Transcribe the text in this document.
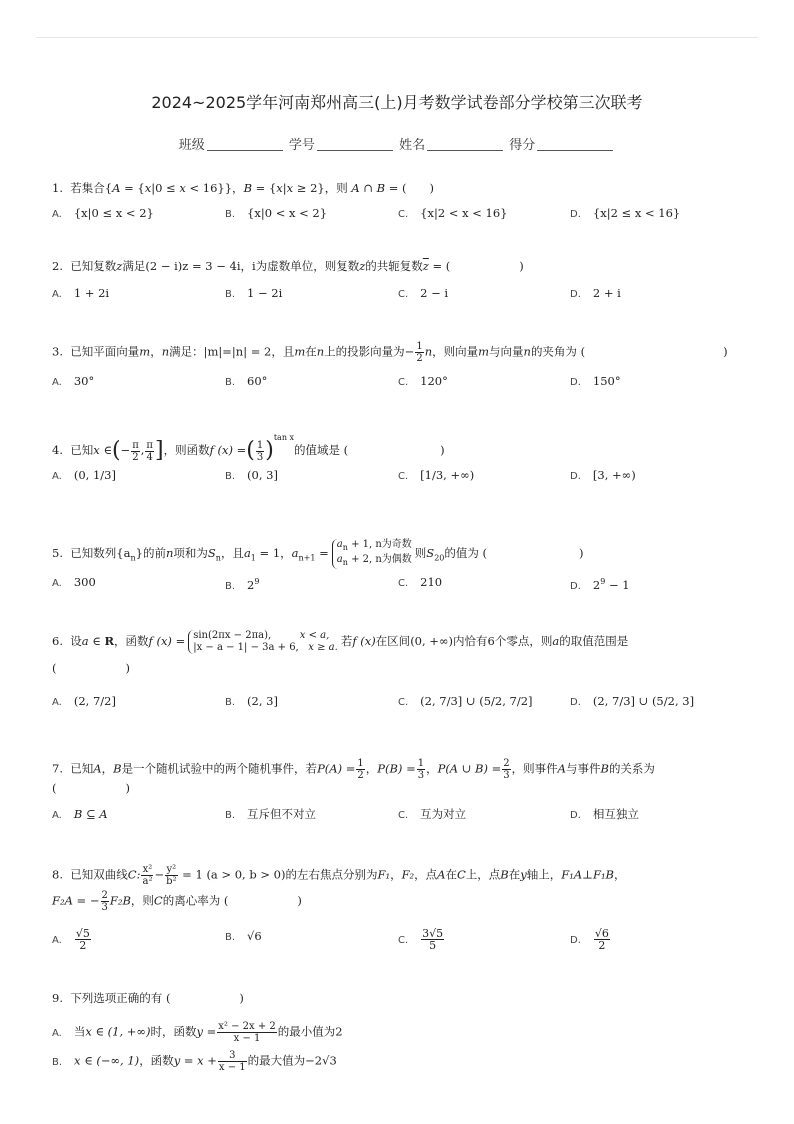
2024~2025学年河南郑州高三(上)月考数学试卷部分学校第三次联考
班级	学号	姓名	得分
1. 若集合{A = {x|0 ≤ x < 16}}，B = {x|x ≥ 2}，则 A ∩ B = (　　)
A. {x|0 ≤ x < 2}	B. {x|0 < x < 2}	C. {x|2 < x < 16}	D. {x|2 ≤ x < 16}
2. 已知复数z满足(2 − i)z = 3 − 4i，i为虚数单位，则复数z的共轭复数$\overline{z}$ = (　　　　　　)
A. 1 + 2i	B. 1 − 2i	C. 2 − i	D. 2 + i
3. 已知平面向量m，n满足：|m|=|n| = 2，且m在n上的投影向量为− $\frac{1}{2}$ n，则向量m与向量n的夹角为 (　　　　　　　　　　　　)
A. 30°	B. 60°	C. 120°	D. 150°
4. 已知x ∈(− $\frac{\pi}{2}$ , $\frac{\pi}{4}$ ]，则函数f (x) =( $\frac{1}{3} )^{tan x}$的值域是 (　　　　　　　　)
A. (0, 1/3]	B. (0, 3]	C. [1/3, +∞)	D. [3, +∞)
5. 已知数列$\{a_n\}$的前n项和为$S_n$，且$a_1 = 1$，$a_{n+1}$ =
$a_n + 1$, n为奇数
$a_n + 2$, n为偶数 则$S_{20}$的值为 (　　　　　　　　)
A. 300	B. $2^9$	C. 210	D. $2^9 - 1$
6. 设a ∈ R，函数f (x) = sin(2πx − 2πa),	x < a,
|x − a − 1| − 3a + 6, x ≥ a. 若f (x)在区间(0, +∞)内恰有6个零点，则a的取值范围是
(　　　　　　)
A. (2, 7/2]	B. (2, 3]	C. (2, 7/3] ∪ (5/2, 7/2]	D. (2, 7/3] ∪ (5/2, 3]
7. 已知A，B是一个随机试验中的两个随机事件，若$P(A) = \frac{1}{2}$ ，$P(B) = \frac{1}{3}$ ，P(A ∪ $B) = \frac{2}{3}$ ，则事件A与事件B的关系为
(　　　　　　)
A. B ⊆ A	B. 互斥但不对立	C. 互为对立	D. 相互独立
8. 已知双曲线C: $\frac{\text{x²}}{\text{a²}} - \frac{\text{y²}}{\text{b²}} = 1$ (a > 0, b > 0)的左右焦点分别为F₁，F₂，点A在C上，点B在y轴上，F₁A⊥F₁B，
F₂A = − $\frac{2}{3} F_2B$，则C的离心率为 (　　　　　　)
A. $\frac{√5}{2}$	B. √6	C. $\frac{3√5}{5}$	D. $\frac{√6}{2}$
9. 下列选项正确的有 (　　　　　　)
A. 当x ∈ (1, +∞)时，函数$y = \frac{\text{x² − 2x + 2}}{x - 1}$ 的最小值为2
B. x ∈ (−∞, 1)，函数$y = x + \frac{3}{x - 1}$ 的最大值为−2√3
